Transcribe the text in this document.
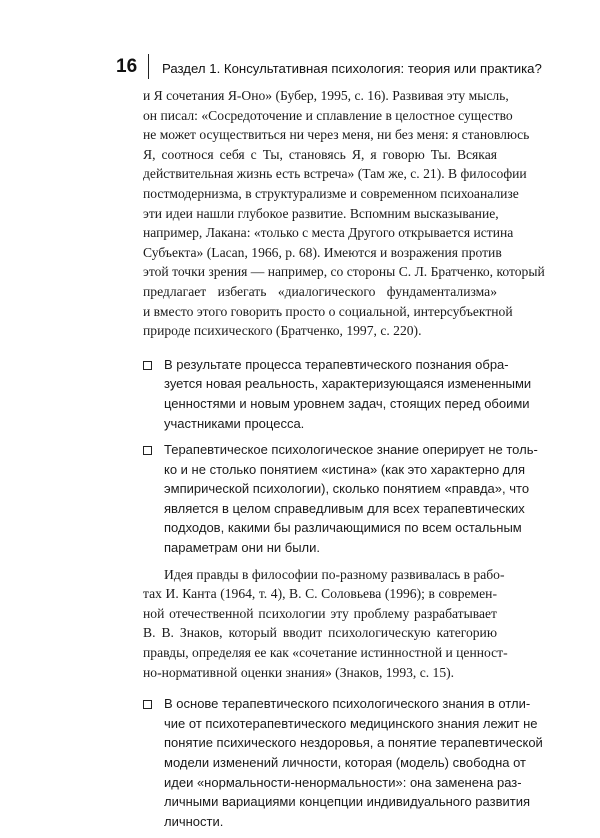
16 Раздел 1. Консультативная психология: теория или практика?

и Я сочетания Я-Оно» (Бубер, 1995, с. 16). Развивая эту мысль,
он писал: «Сосредоточение и сплавление в целостное существо
не может осуществиться ни через меня, ни без меня: я становлюсь
Я, соотнося себя с Ты, становясь Я, я говорю Ты. Всякая
действительная жизнь есть встреча» (Там же, с. 21). В философии
постмодернизма, в структурализме и современном психоанализе
эти идеи нашли глубокое развитие. Вспомним высказывание,
например, Лакана: «только с места Другого открывается истина
Субъекта» (Lacan, 1966, p. 68). Имеются и возражения против
этой точки зрения — например, со стороны С. Л. Братченко, который
предлагает избегать «диалогического фундаментализма»
и вместо этого говорить просто о социальной, интерсубъектной
природе психического (Братченко, 1997, с. 220).

В результате процесса терапевтического познания обра-
зуется новая реальность, характеризующаяся измененными
ценностями и новым уровнем задач, стоящих перед обоими
участниками процесса.
Терапевтическое психологическое знание оперирует не толь-
ко и не столько понятием «истина» (как это характерно для
эмпирической психологии), сколько понятием «правда», что
является в целом справедливым для всех терапевтических
подходов, какими бы различающимися по всем остальным
параметрам они ни были.

Идея правды в философии по-разному развивалась в рабо-
тах И. Канта (1964, т. 4), В. С. Соловьева (1996); в современ-
ной отечественной психологии эту проблему разрабатывает
В. В. Знаков, который вводит психологическую категорию
правды, определяя ее как «сочетание истинностной и ценност-
но-нормативной оценки знания» (Знаков, 1993, с. 15).

В основе терапевтического психологического знания в отли-
чие от психотерапевтического медицинского знания лежит не
понятие психического нездоровья, а понятие терапевтической
модели изменений личности, которая (модель) свободна от
идеи «нормальности-ненормальности»: она заменена раз-
личными вариациями концепции индивидуального развития
личности.
